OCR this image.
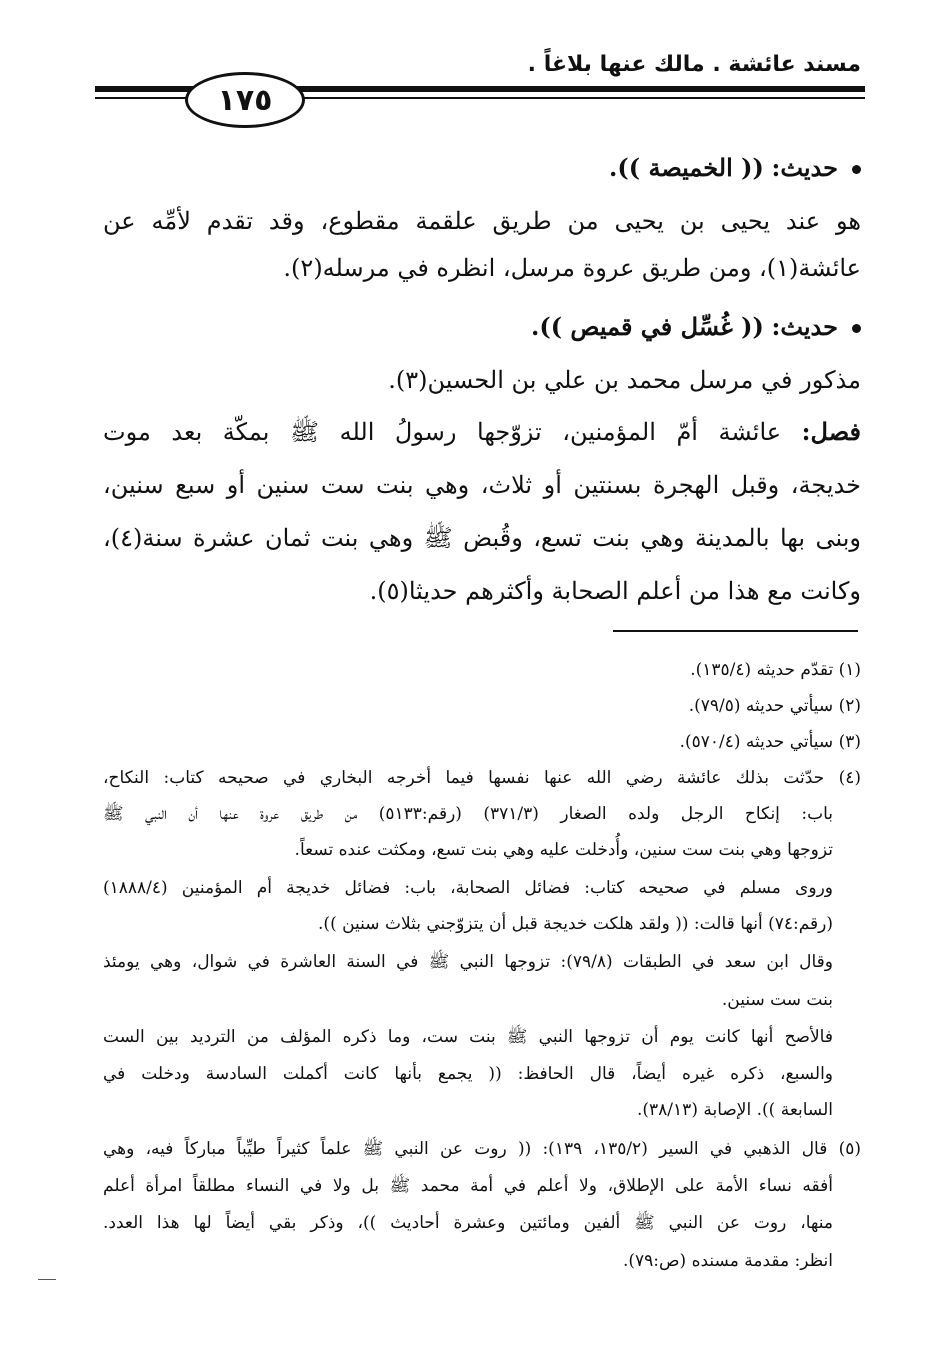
مسند عائشة . مالك عنها بلاغاً .
١٧٥
حديث: (( الخميصة )).
هو عند يحيى بن يحيى من طريق علقمة مقطوع، وقد تقدم لأمِّه عن
عائشة(١)، ومن طريق عروة مرسل، انظره في مرسله(٢).
حديث: (( غُسِّل في قميص )).
مذكور في مرسل محمد بن علي بن الحسين(٣).
فصل: عائشة أمّ المؤمنين، تزوّجها رسولُ الله ﷺ بمكّة بعد موت
خديجة، وقبل الهجرة بسنتين أو ثلاث، وهي بنت ست سنين أو سبع سنين،
وبنى بها بالمدينة وهي بنت تسع، وقُبض ﷺ وهي بنت ثمان عشرة سنة(٤)،
وكانت مع هذا من أعلم الصحابة وأكثرهم حديثا(٥).
(١) تقدّم حديثه (١٣٥/٤).
(٢) سيأتي حديثه (٧٩/٥).
(٣) سيأتي حديثه (٥٧٠/٤).
(٤) حدّثت بذلك عائشة رضي الله عنها نفسها فيما أخرجه البخاري في صحيحه كتاب: النكاح،
باب: إنكاح الرجل ولده الصغار (٣٧١/٣) (رقم:٥١٣٣) من طريق عروة عنها أن النبي ﷺ
تزوجها وهي بنت ست سنين، وأُدخلت عليه وهي بنت تسع، ومكثت عنده تسعاً.
وروى مسلم في صحيحه كتاب: فضائل الصحابة، باب: فضائل خديجة أم المؤمنين (١٨٨٨/٤)
(رقم:٧٤) أنها قالت: (( ولقد هلكت خديجة قبل أن يتزوّجني بثلاث سنين )).
وقال ابن سعد في الطبقات (٧٩/٨): تزوجها النبي ﷺ في السنة العاشرة في شوال، وهي يومئذ
بنت ست سنين.
فالأصح أنها كانت يوم أن تزوجها النبي ﷺ بنت ست، وما ذكره المؤلف من الترديد بين الست
والسبع، ذكره غيره أيضاً، قال الحافظ: (( يجمع بأنها كانت أكملت السادسة ودخلت في
السابعة )). الإصابة (٣٨/١٣).
(٥) قال الذهبي في السير (١٣٥/٢، ١٣٩): (( روت عن النبي ﷺ علماً كثيراً طيِّباً مباركاً فيه، وهي
أفقه نساء الأمة على الإطلاق، ولا أعلم في أمة محمد ﷺ بل ولا في النساء مطلقاً امرأة أعلم
منها، روت عن النبي ﷺ ألفين ومائتين وعشرة أحاديث ))، وذكر بقي أيضاً لها هذا العدد.
انظر: مقدمة مسنده (ص:٧٩).
